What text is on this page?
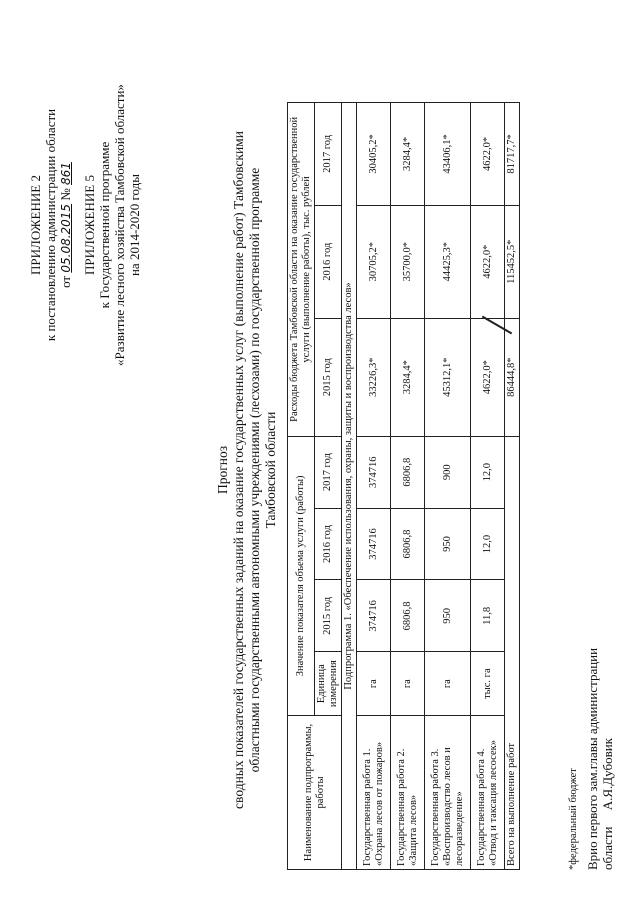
ПРИЛОЖЕНИЕ 2 к постановлению администрации области от 05.08.2015 № 861
ПРИЛОЖЕНИЕ 5 к Государственной программе «Развитие лесного хозяйства Тамбовской области» на 2014-2020 годы
Прогноз сводных показателей государственных заданий на оказание государственных услуг (выполнение работ) Тамбовскими областными государственными автономными учреждениями (лесхозами) по государственной программе Тамбовской области
Наименование подпрограммы, работы	Значение показателя объема услуги (работы)				Расходы бюджета Тамбовской области на оказание государственной услуги (выполнение работы), тыс. рублей		
	Единица измерения	2015 год	2016 год	2017 год	2015 год	2016 год	2017 год
Подпрограмма 1. «Обеспечение использования, охраны, защиты и воспроизводства лесов»							
Государственная работа 1. «Охрана лесов от пожаров»	га	374716	374716	374716	33226,3*	30705,2*	30405,2*
Государственная работа 2. «Защита лесов»	га	6806,8	6806,8	6806,8	3284,4*	35700,0*	3284,4*
Государственная работа 3. «Воспроизводство лесов и лесоразведение»	га	950	950	900	45312,1*	44425,3*	43406,1*
Государственная работа 4. «Отвод и таксация лесосек»	тыс. га	11,8	12,0	12,0	4622,0*	4622,0*	4622,0*
Всего на выполнение работ					86444,8*	115452,5*	81717,7*
*федеральный бюджет Врио первого зам.главы администрации области     А.Я.Дубовик
